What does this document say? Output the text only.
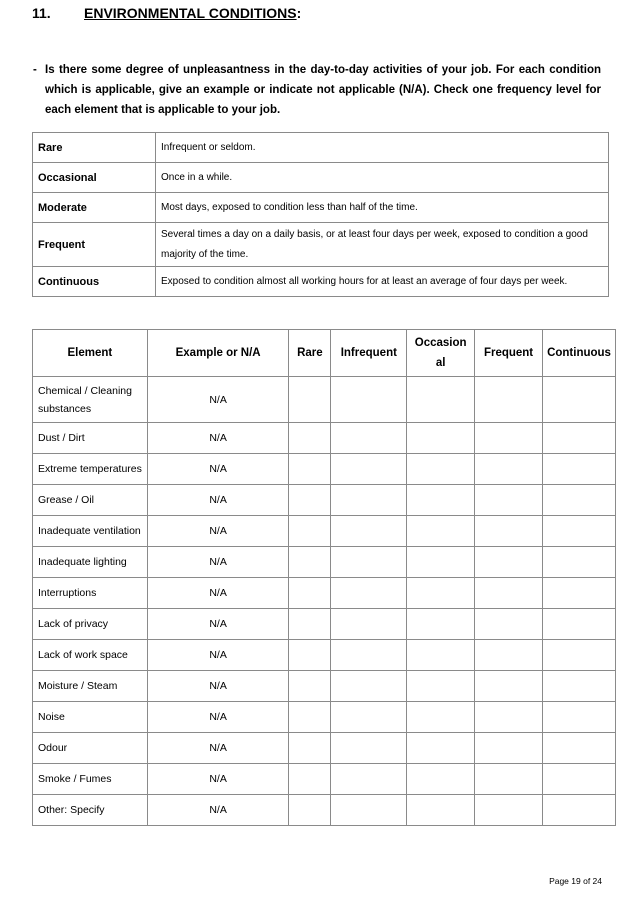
11. ENVIRONMENTAL CONDITIONS:
- Is there some degree of unpleasantness in the day-to-day activities of your job. For each condition which is applicable, give an example or indicate not applicable (N/A). Check one frequency level for each element that is applicable to your job.
Rare	Infrequent or seldom.
Occasional	Once in a while.
Moderate	Most days, exposed to condition less than half of the time.
Frequent	Several times a day on a daily basis, or at least four days per week, exposed to condition a good majority of the time.
Continuous	Exposed to condition almost all working hours for at least an average of four days per week.
Element	Example or N/A	Rare	Infrequent	Occasion al	Frequent	Continuous
Chemical / Cleaning substances	N/A					
Dust / Dirt	N/A					
Extreme temperatures	N/A					
Grease / Oil	N/A					
Inadequate ventilation	N/A					
Inadequate lighting	N/A					
Interruptions	N/A					
Lack of privacy	N/A					
Lack of work space	N/A					
Moisture / Steam	N/A					
Noise	N/A					
Odour	N/A					
Smoke / Fumes	N/A					
Other: Specify	N/A					
Page 19 of 24
